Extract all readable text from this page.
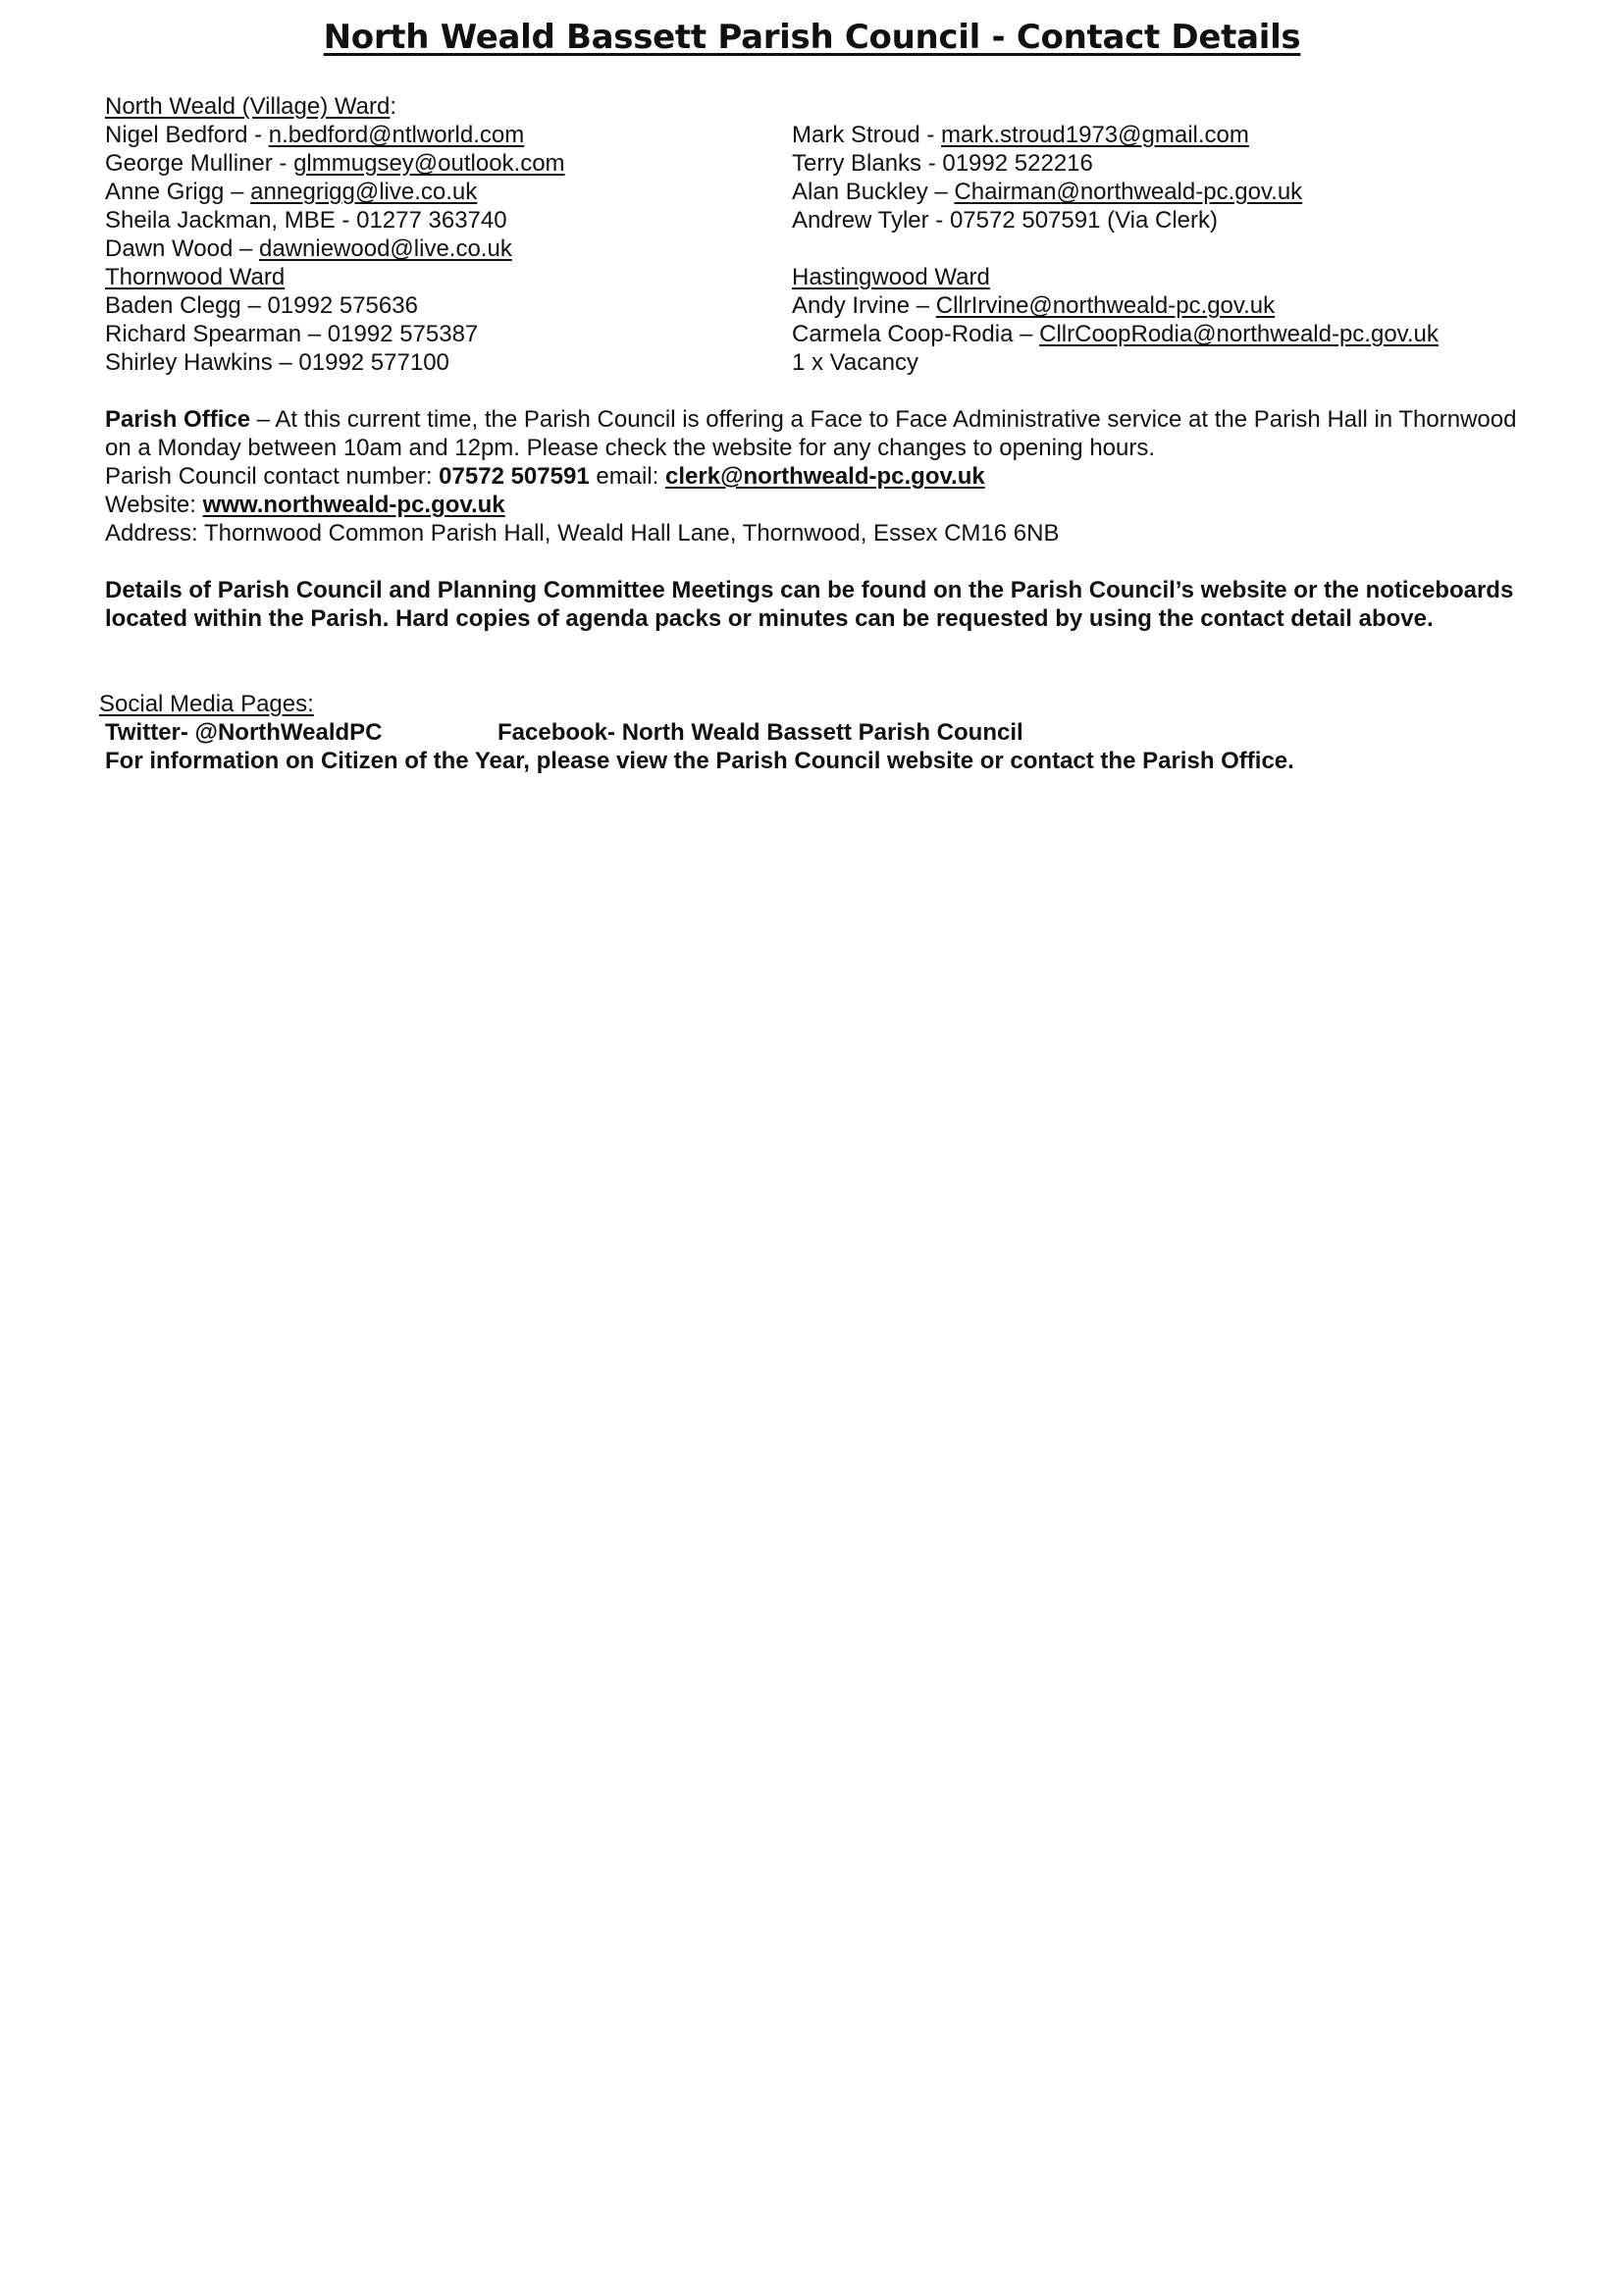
North Weald Bassett Parish Council - Contact Details
North Weald (Village) Ward:
Nigel Bedford - n.bedford@ntlworld.com
George Mulliner - glmmugsey@outlook.com
Anne Grigg – annegrigg@live.co.uk
Sheila Jackman, MBE - 01277 363740
Dawn Wood – dawniewood@live.co.uk
Thornwood Ward
Baden Clegg – 01992 575636
Richard Spearman – 01992 575387
Shirley Hawkins – 01992 577100
Mark Stroud - mark.stroud1973@gmail.com
Terry Blanks - 01992 522216
Alan Buckley – Chairman@northweald-pc.gov.uk
Andrew Tyler - 07572 507591 (Via Clerk)
Hastingwood Ward
Andy Irvine – CllrIrvine@northweald-pc.gov.uk
Carmela Coop-Rodia – CllrCoopRodia@northweald-pc.gov.uk
1 x Vacancy
Parish Office – At this current time, the Parish Council is offering a Face to Face Administrative service at the Parish Hall in Thornwood on a Monday between 10am and 12pm. Please check the website for any changes to opening hours.
Parish Council contact number: 07572 507591 email: clerk@northweald-pc.gov.uk
Website: www.northweald-pc.gov.uk
Address: Thornwood Common Parish Hall, Weald Hall Lane, Thornwood, Essex CM16 6NB
Details of Parish Council and Planning Committee Meetings can be found on the Parish Council’s website or the noticeboards located within the Parish. Hard copies of agenda packs or minutes can be requested by using the contact detail above.
Social Media Pages:
Twitter- @NorthWealdPC	Facebook- North Weald Bassett Parish Council
For information on Citizen of the Year, please view the Parish Council website or contact the Parish Office.
